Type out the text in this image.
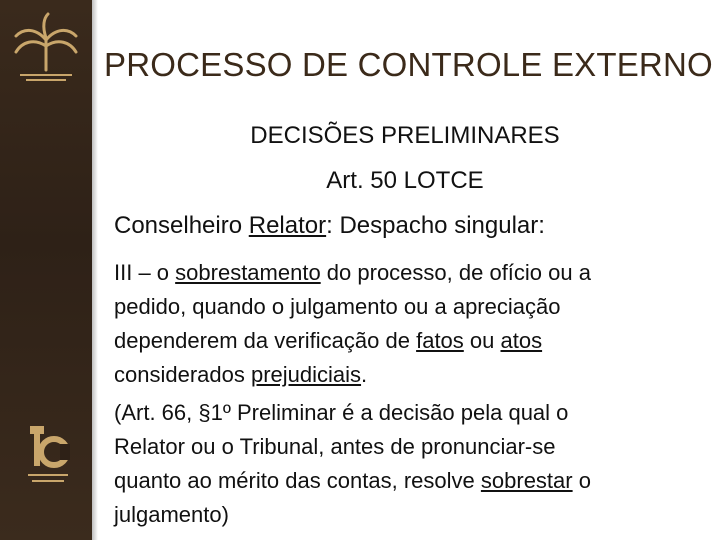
PROCESSO DE CONTROLE EXTERNO
DECISÕES PRELIMINARES
Art. 50 LOTCE
Conselheiro Relator: Despacho singular:
III – o sobrestamento do processo, de ofício ou a
pedido, quando o julgamento ou a apreciação
dependerem da verificação de fatos ou atos
considerados prejudiciais.
(Art. 66, §1º Preliminar é a decisão pela qual o
Relator ou o Tribunal, antes de pronunciar-se
quanto ao mérito das contas, resolve sobrestar o
julgamento)
